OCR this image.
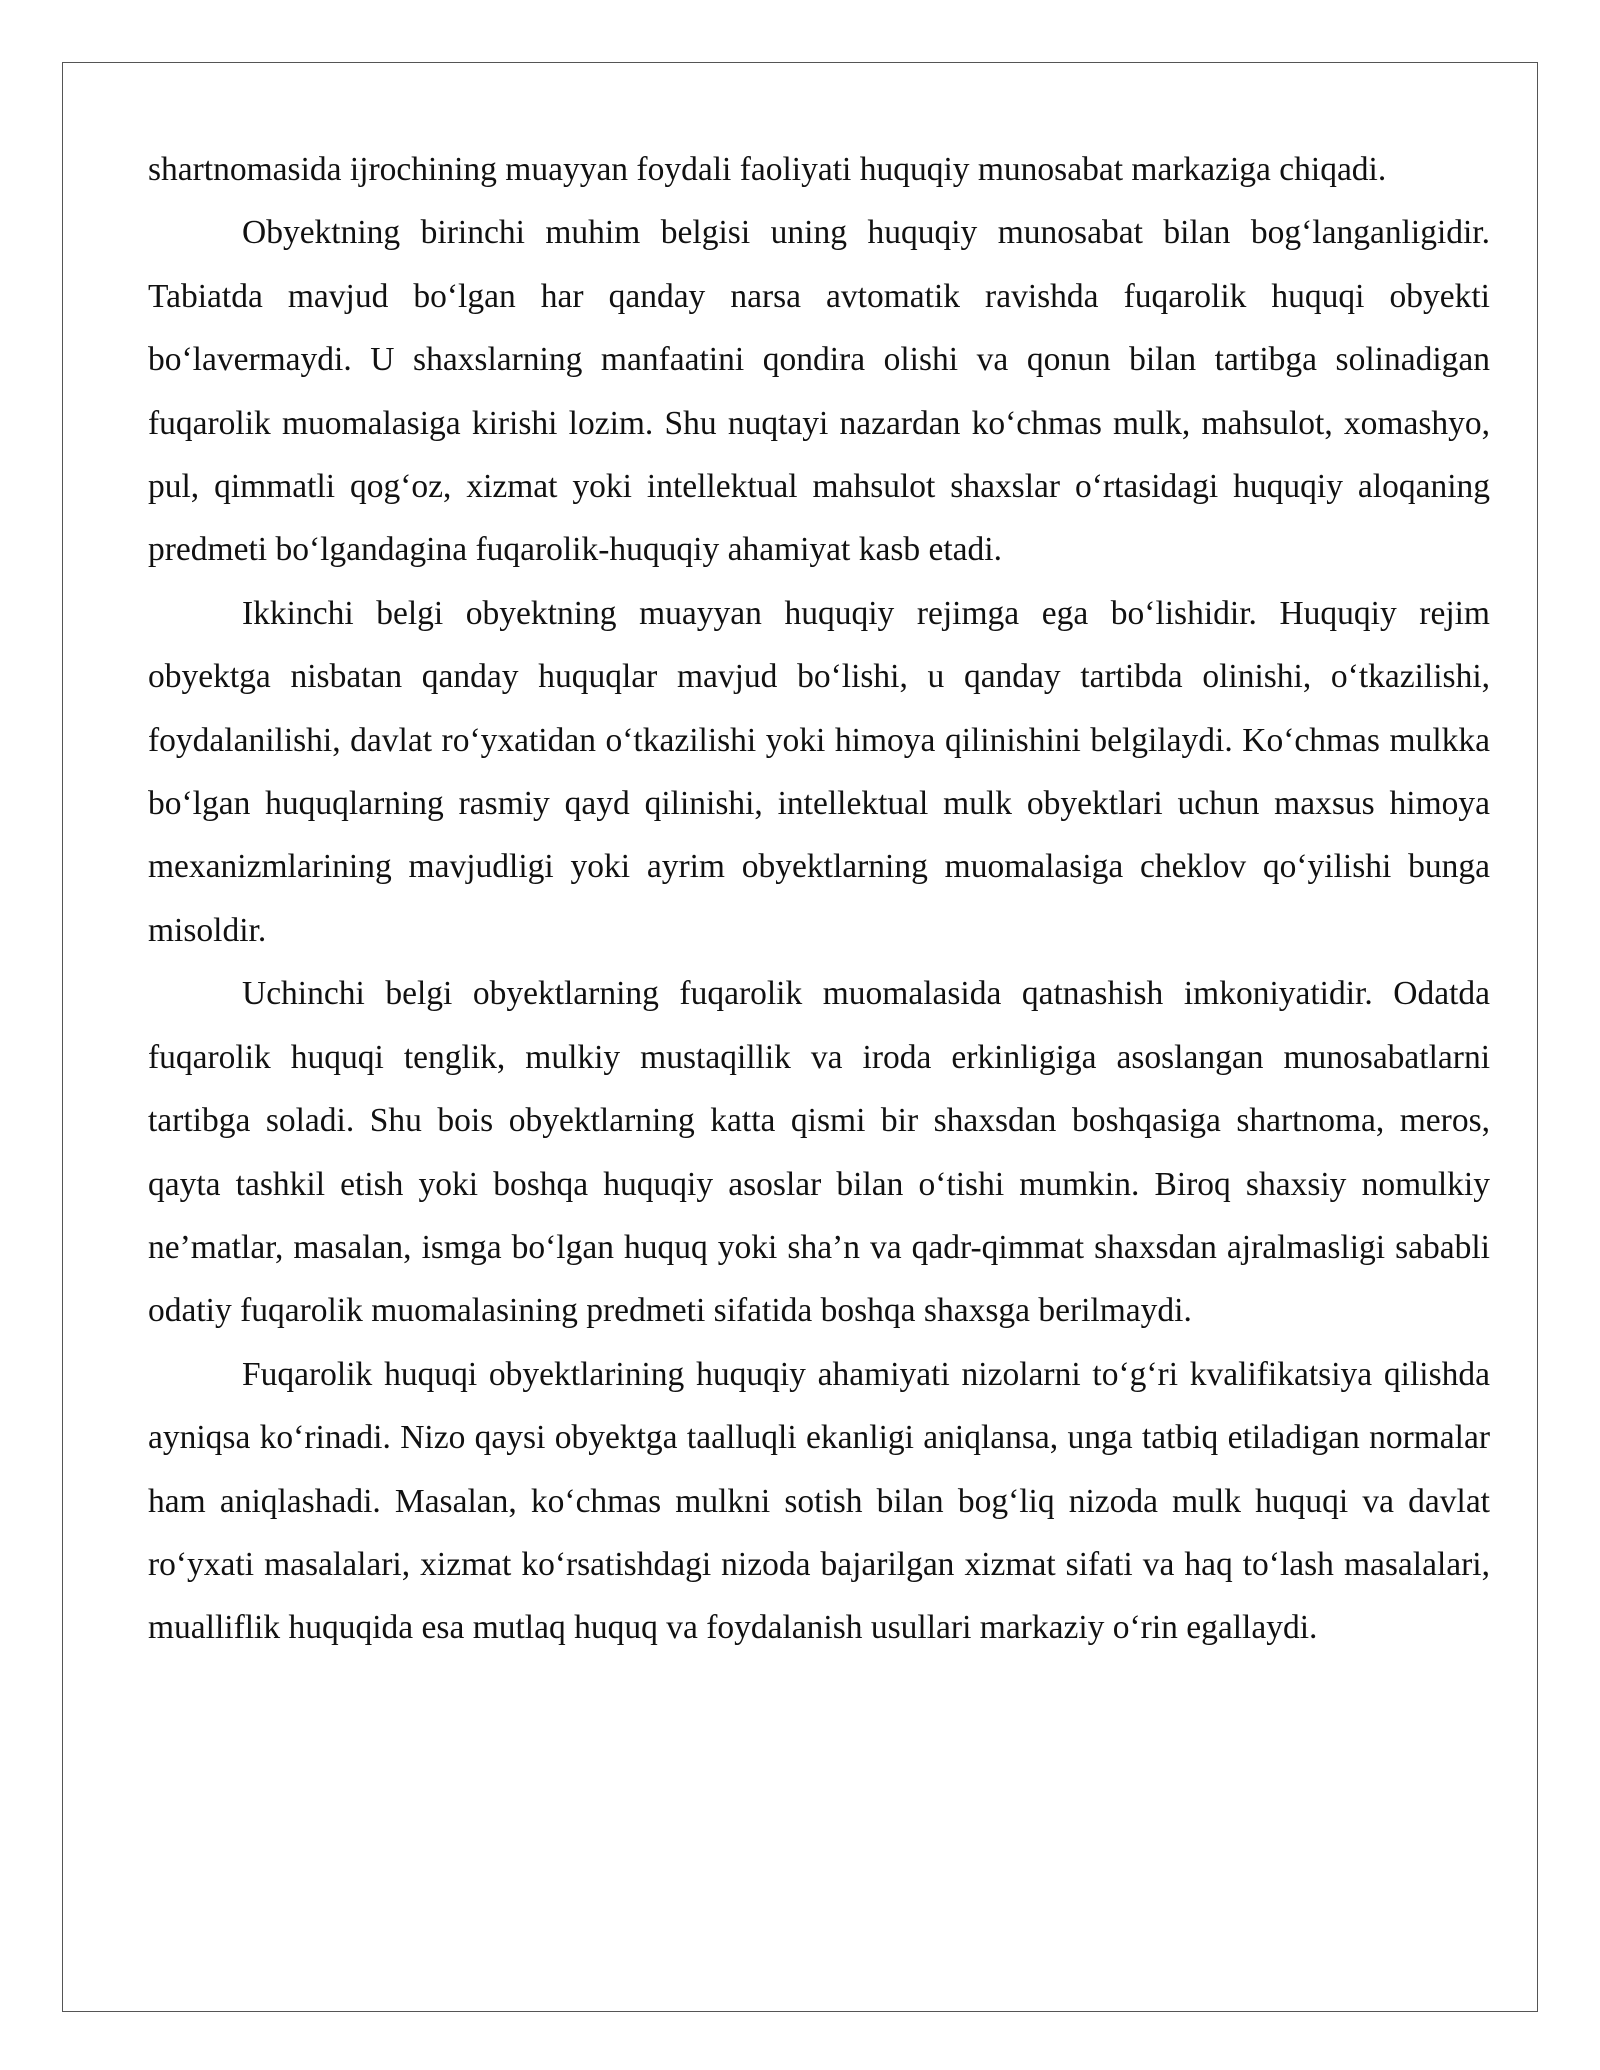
shartnomasida ijrochining muayyan foydali faoliyati huquqiy munosabat markaziga chiqadi.

Obyektning birinchi muhim belgisi uning huquqiy munosabat bilan bog‘langanligidir. Tabiatda mavjud bo‘lgan har qanday narsa avtomatik ravishda fuqarolik huquqi obyekti bo‘lavermaydi. U shaxslarning manfaatini qondira olishi va qonun bilan tartibga solinadigan fuqarolik muomalasiga kirishi lozim. Shu nuqtayi nazardan ko‘chmas mulk, mahsulot, xomashyo, pul, qimmatli qog‘oz, xizmat yoki intellektual mahsulot shaxslar o‘rtasidagi huquqiy aloqaning predmeti bo‘lgandagina fuqarolik-huquqiy ahamiyat kasb etadi.

Ikkinchi belgi obyektning muayyan huquqiy rejimga ega bo‘lishidir. Huquqiy rejim obyektga nisbatan qanday huquqlar mavjud bo‘lishi, u qanday tartibda olinishi, o‘tkazilishi, foydalanilishi, davlat ro‘yxatidan o‘tkazilishi yoki himoya qilinishini belgilaydi. Ko‘chmas mulkka bo‘lgan huquqlarning rasmiy qayd qilinishi, intellektual mulk obyektlari uchun maxsus himoya mexanizmlarining mavjudligi yoki ayrim obyektlarning muomalasiga cheklov qo‘yilishi bunga misoldir.

Uchinchi belgi obyektlarning fuqarolik muomalasida qatnashish imkoniyatidir. Odatda fuqarolik huquqi tenglik, mulkiy mustaqillik va iroda erkinligiga asoslangan munosabatlarni tartibga soladi. Shu bois obyektlarning katta qismi bir shaxsdan boshqasiga shartnoma, meros, qayta tashkil etish yoki boshqa huquqiy asoslar bilan o‘tishi mumkin. Biroq shaxsiy nomulkiy ne’matlar, masalan, ismga bo‘lgan huquq yoki sha’n va qadr-qimmat shaxsdan ajralmasligi sababli odatiy fuqarolik muomalasining predmeti sifatida boshqa shaxsga berilmaydi.

Fuqarolik huquqi obyektlarining huquqiy ahamiyati nizolarni to‘g‘ri kvalifikatsiya qilishda ayniqsa ko‘rinadi. Nizo qaysi obyektga taalluqli ekanligi aniqlansa, unga tatbiq etiladigan normalar ham aniqlashadi. Masalan, ko‘chmas mulkni sotish bilan bog‘liq nizoda mulk huquqi va davlat ro‘yxati masalalari, xizmat ko‘rsatishdagi nizoda bajarilgan xizmat sifati va haq to‘lash masalalari, mualliflik huquqida esa mutlaq huquq va foydalanish usullari markaziy o‘rin egallaydi.
